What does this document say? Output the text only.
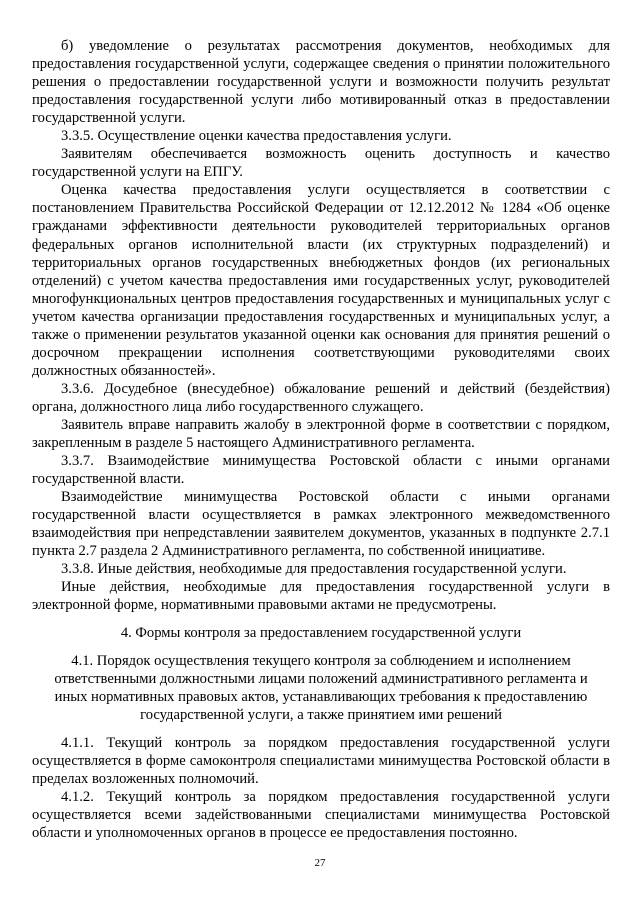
б) уведомление о результатах рассмотрения документов, необходимых для предоставления государственной услуги, содержащее сведения о принятии положительного решения о предоставлении государственной услуги и возможности получить результат предоставления государственной услуги либо мотивированный отказ в предоставлении государственной услуги.

3.3.5. Осуществление оценки качества предоставления услуги.

Заявителям обеспечивается возможность оценить доступность и качество государственной услуги на ЕПГУ.

Оценка качества предоставления услуги осуществляется в соответствии с постановлением Правительства Российской Федерации от 12.12.2012 № 1284 «Об оценке гражданами эффективности деятельности руководителей территориальных органов федеральных органов исполнительной власти (их структурных подразделений) и территориальных органов государственных внебюджетных фондов (их региональных отделений) с учетом качества предоставления ими государственных услуг, руководителей многофункциональных центров предоставления государственных и муниципальных услуг с учетом качества организации предоставления государственных и муниципальных услуг, а также о применении результатов указанной оценки как основания для принятия решений о досрочном прекращении исполнения соответствующими руководителями своих должностных обязанностей».

3.3.6. Досудебное (внесудебное) обжалование решений и действий (бездействия) органа, должностного лица либо государственного служащего.

Заявитель вправе направить жалобу в электронной форме в соответствии с порядком, закрепленным в разделе 5 настоящего Административного регламента.

3.3.7. Взаимодействие минимущества Ростовской области с иными органами государственной власти.

Взаимодействие минимущества Ростовской области с иными органами государственной власти осуществляется в рамках электронного межведомственного взаимодействия при непредставлении заявителем документов, указанных в подпункте 2.7.1 пункта 2.7 раздела 2 Административного регламента, по собственной инициативе.

3.3.8. Иные действия, необходимые для предоставления государственной услуги.

Иные действия, необходимые для предоставления государственной услуги в электронной форме, нормативными правовыми актами не предусмотрены.

4. Формы контроля за предоставлением государственной услуги

4.1. Порядок осуществления текущего контроля за соблюдением и исполнением ответственными должностными лицами положений административного регламента и иных нормативных правовых актов, устанавливающих требования к предоставлению государственной услуги, а также принятием ими решений

4.1.1. Текущий контроль за порядком предоставления государственной услуги осуществляется в форме самоконтроля специалистами минимущества Ростовской области в пределах возложенных полномочий.

4.1.2. Текущий контроль за порядком предоставления государственной услуги осуществляется всеми задействованными специалистами минимущества Ростовской области и уполномоченных органов в процессе ее предоставления постоянно.

27
